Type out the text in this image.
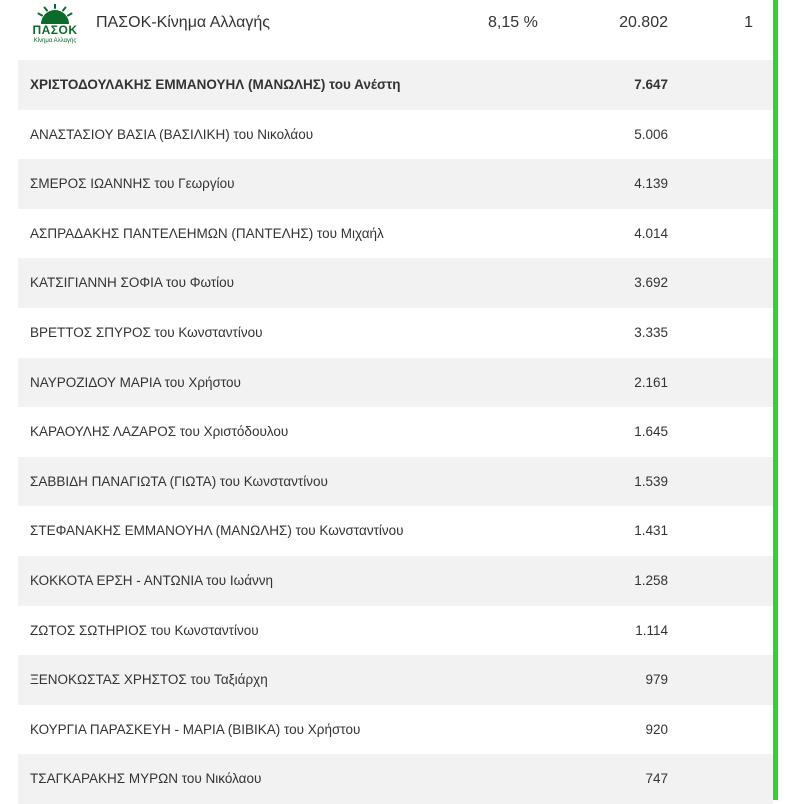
ΠΑΣΟΚ
Κίνημα Αλλαγής
ΠΑΣΟΚ-Κίνημα Αλλαγής	8,15 %	20.802	1
ΧΡΙΣΤΟΔΟΥΛΑΚΗΣ ΕΜΜΑΝΟΥΗΛ (ΜΑΝΩΛΗΣ) του Ανέστη	7.647
ΑΝΑΣΤΑΣΙΟΥ ΒΑΣΙΑ (ΒΑΣΙΛΙΚΗ) του Νικολάου	5.006
ΣΜΕΡΟΣ ΙΩΑΝΝΗΣ του Γεωργίου	4.139
ΑΣΠΡΑΔΑΚΗΣ ΠΑΝΤΕΛΕΗΜΩΝ (ΠΑΝΤΕΛΗΣ) του Μιχαήλ	4.014
ΚΑΤΣΙΓΙΑΝΝΗ ΣΟΦΙΑ του Φωτίου	3.692
ΒΡΕΤΤΟΣ ΣΠΥΡΟΣ του Κωνσταντίνου	3.335
ΝΑΥΡΟΖΙΔΟΥ ΜΑΡΙΑ του Χρήστου	2.161
ΚΑΡΑΟΥΛΗΣ ΛΑΖΑΡΟΣ του Χριστόδουλου	1.645
ΣΑΒΒΙΔΗ ΠΑΝΑΓΙΩΤΑ (ΓΙΩΤΑ) του Κωνσταντίνου	1.539
ΣΤΕΦΑΝΑΚΗΣ ΕΜΜΑΝΟΥΗΛ (ΜΑΝΩΛΗΣ) του Κωνσταντίνου	1.431
ΚΟΚΚΟΤΑ ΕΡΣΗ - ΑΝΤΩΝΙΑ του Ιωάννη	1.258
ΖΩΤΟΣ ΣΩΤΗΡΙΟΣ του Κωνσταντίνου	1.114
ΞΕΝΟΚΩΣΤΑΣ ΧΡΗΣΤΟΣ του Ταξιάρχη	979
ΚΟΥΡΓΙΑ ΠΑΡΑΣΚΕΥΗ - ΜΑΡΙΑ (ΒΙΒΙΚΑ) του Χρήστου	920
ΤΣΑΓΚΑΡΑΚΗΣ ΜΥΡΩΝ του Νικόλαου	747
